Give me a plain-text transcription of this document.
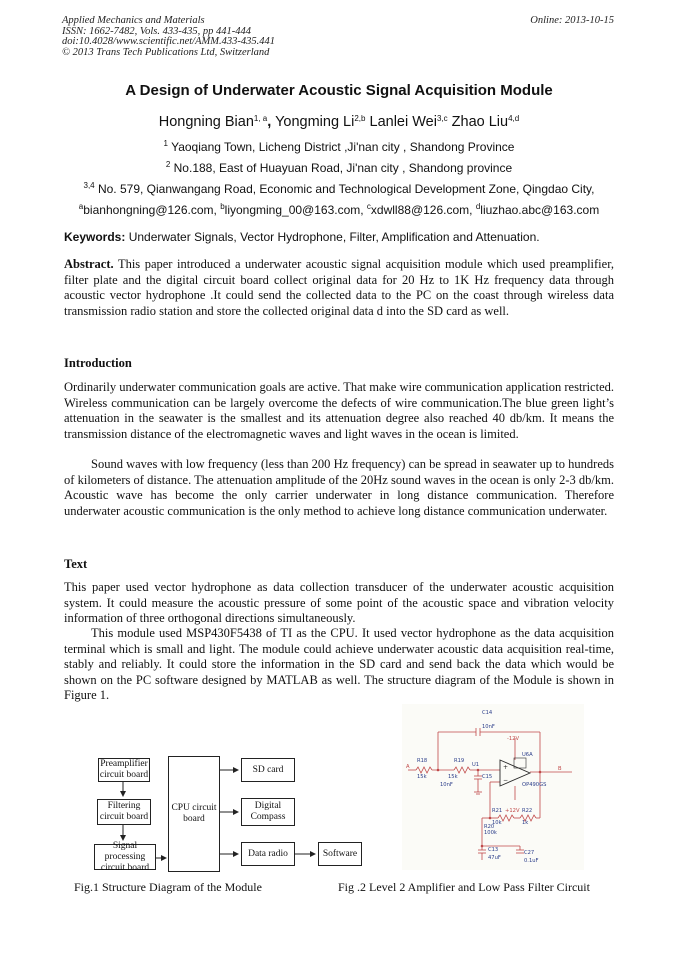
Applied Mechanics and Materials
ISSN: 1662-7482, Vols. 433-435, pp 441-444
doi:10.4028/www.scientific.net/AMM.433-435.441
© 2013 Trans Tech Publications Ltd, Switzerland
Online: 2013-10-15
A Design of Underwater Acoustic Signal Acquisition Module
Hongning Bian$^{1, a}$, Yongming Li$^{2,b}$ Lanlei Wei$^{3,c}$ Zhao Liu$^{4,d}$
$^1$ Yaoqiang Town, Licheng District ,Ji'nan city , Shandong Province
$^2$ No.188, East of Huayuan Road, Ji'nan city , Shandong province
$^{3,4}$ No. 579, Qianwangang Road, Economic and Technological Development Zone, Qingdao City,
$^a$bianhongning@126.com, $^b$liyongming_00@163.com, $^c$xdwll88@126.com, $^d$liuzhao.abc@163.com
Keywords: Underwater Signals, Vector Hydrophone, Filter, Amplification and Attenuation.
Abstract. This paper introduced a underwater acoustic signal acquisition module which used preamplifier, filter plate and the digital circuit board collect original data for 20 Hz to 1K Hz frequency data through acoustic vector hydrophone .It could send the collected data to the PC on the coast through wireless data transmission radio station and store the collected original data d into the SD card as well.
Introduction
Ordinarily underwater communication goals are active. That make wire communication application restricted. Wireless communication can be largely overcome the defects of wire communication.The blue green light’s attenuation in the seawater is the smallest and its attenuation degree also reached 40 db/km. It means the transmission distance of the electromagnetic waves and light waves in the ocean is limited.
Sound waves with low frequency (less than 200 Hz frequency) can be spread in seawater up to hundreds of kilometers of distance. The attenuation amplitude of the 20Hz sound waves in the ocean is only 2-3 db/km. Acoustic wave has become the only carrier underwater in long distance communication. Therefore underwater acoustic communication is the only method to achieve long distance communication underwater.
Text
This paper used vector hydrophone as data collection transducer of the underwater acoustic acquisition system. It could measure the acoustic pressure of some point of the acoustic space and vibration velocity information of three orthogonal directions simultaneously.
This module used MSP430F5438 of TI as the CPU. It used vector hydrophone as the data acquisition terminal which is small and light. The module could achieve underwater acoustic data acquisition real-time, stably and reliably. It could store the information in the SD card and send back the data which would be shown on the PC software designed by MATLAB as well. The structure diagram of the Module is shown in Figure 1.
Preamplifier circuit board
Filtering circuit board
Signal processing circuit board
CPU circuit board
SD card
Digital Compass
Data radio	Software
Fig.1 Structure Diagram of the Module
+
−
C14
10nF
-12V
A
R18
15k
R19
15k
U1
C15
10nF
U6A
B
OP490GS
+12V
R21
10k
R22
1k
R20
100k
C13
47uF
C27
0.1uF
Fig .2 Level 2 Amplifier and Low Pass Filter Circuit
